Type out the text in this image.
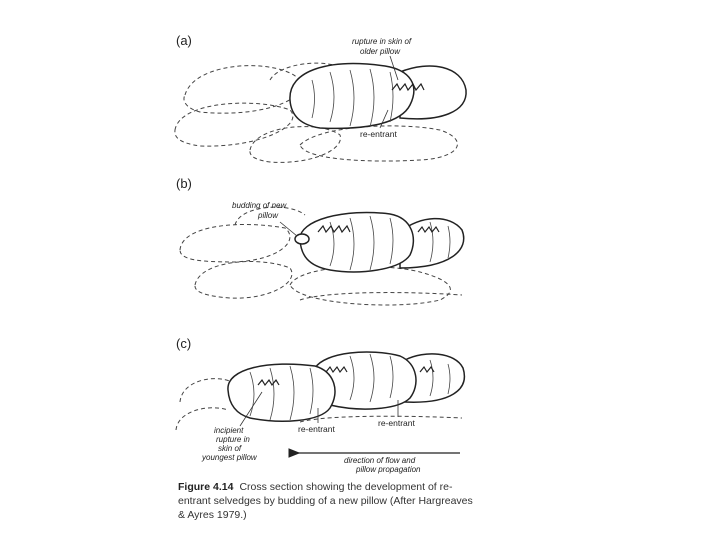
(a)	rupture in skin of
older pillow
re-entrant
(b)
budding of new
pillow
(c)
re-entrant
re-entrant
incipient
rupture in
skin of
youngest pillow	direction of flow and
pillow propagation
Figure 4.14 Cross section showing the development of re-entrant selvedges by budding of a new pillow (After Hargreaves & Ayres 1979.)
